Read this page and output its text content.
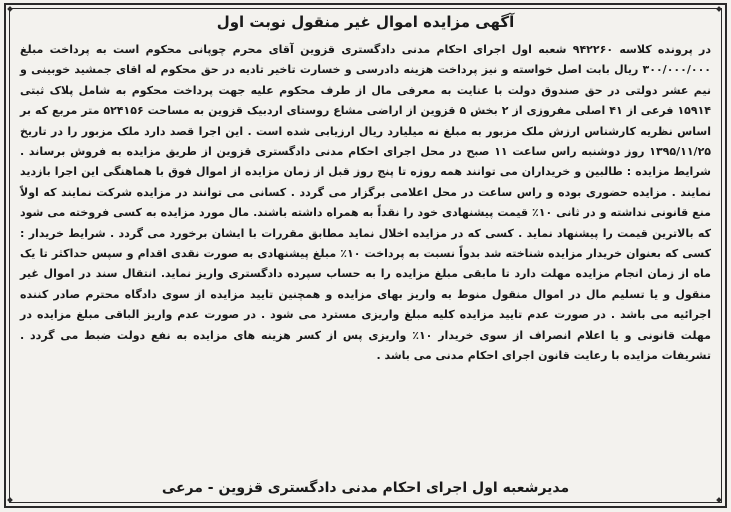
آگهی مزایده اموال غیر منقول نوبت اول

در پرونده کلاسه ۹۴۲۲۶۰ شعبه اول اجرای احکام مدنی دادگستری قزوین آقای محرم چوپانی محکوم است به پرداخت مبلغ ۳۰۰/۰۰۰/۰۰۰ ریال بابت اصل خواسته و نیز پرداخت هزینه دادرسی و خسارت تاخیر تادیه در حق محکوم له اقای جمشید خوبینی و نیم عشر دولتی در حق صندوق دولت با عنایت به معرفی مال از طرف محکوم علیه جهت پرداخت محکوم به شامل پلاک ثبتی ۱۵۹۱۴ فرعی از ۴۱ اصلی مفروزی از ۲ بخش ۵ قزوین از اراضی مشاع روستای اردبیک قزوین به مساحت ۵۲۴۱۵۶ متر مربع که بر اساس نظریه کارشناس ارزش ملک مزبور به مبلغ نه میلیارد ریال ارزیابی شده است . این اجرا قصد دارد ملک مزبور را در تاریخ ۱۳۹۵/۱۱/۲۵ روز دوشنبه راس ساعت ۱۱ صبح در محل اجرای احکام مدنی دادگستری قزوین از طریق مزایده به فروش برساند . شرایط مزایده : طالبین و خریداران می توانند همه روزه تا پنج روز قبل از زمان مزایده از اموال فوق با هماهنگی این اجرا بازدید نمایند . مزایده حضوری بوده و راس ساعت در محل اعلامی برگزار می گردد . کسانی می توانند در مزایده شرکت نمایند که اولاً منع قانونی نداشته و در ثانی ۱۰٪ قیمت پیشنهادی خود را نقداً به همراه داشته باشند. مال مورد مزایده به کسی فروخته می شود که بالاترین قیمت را پیشنهاد نماید . کسی که در مزایده اخلال نماید مطابق مقررات با ایشان برخورد می گردد . شرایط خریدار : کسی که بعنوان خریدار مزایده شناخته شد بدواً نسبت به پرداخت ۱۰٪ مبلغ پیشنهادی به صورت نقدی اقدام و سپس حداکثر تا یک ماه از زمان انجام مزایده مهلت دارد تا مابقی مبلغ مزایده را به حساب سپرده دادگستری واریز نماید. انتقال سند در اموال غیر منقول و یا تسلیم مال در اموال منقول منوط به واریز بهای مزایده و همچنین تایید مزایده از سوی دادگاه محترم صادر کننده اجرائیه می باشد . در صورت عدم تایید مزایده کلیه مبلغ واریزی مسترد می شود . در صورت عدم واریز الباقی مبلغ مزایده در مهلت قانونی و یا اعلام انصراف از سوی خریدار ۱۰٪ واریزی پس از کسر هزینه های مزایده به نفع دولت ضبط می گردد . تشریفات مزایده با رعایت قانون اجرای احکام مدنی می باشد .

مدیرشعبه اول اجرای احکام مدنی دادگستری قزوین - مرعی
